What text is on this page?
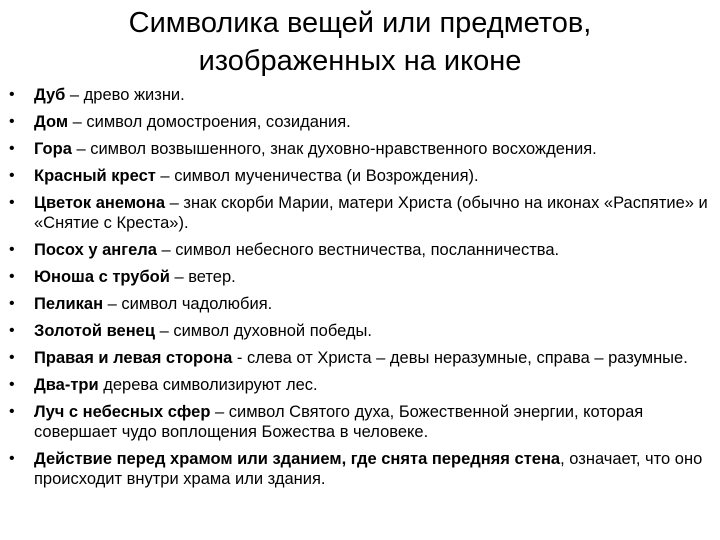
Символика вещей или предметов,
изображенных на иконе
• Дуб – древо жизни.
• Дом – символ домостроения, созидания.
• Гора – символ возвышенного, знак духовно-нравственного восхождения.
• Красный крест – символ мученичества (и Возрождения).
• Цветок анемона – знак скорби Марии, матери Христа (обычно на иконах «Распятие» и «Снятие с Креста»).
• Посох у ангела – символ небесного вестничества, посланничества.
• Юноша с трубой – ветер.
• Пеликан – символ чадолюбия.
• Золотой венец – символ духовной победы.
• Правая и левая сторона - слева от Христа – девы неразумные, справа – разумные.
• Два-три дерева символизируют лес.
• Луч с небесных сфер – символ Святого духа, Божественной энергии, которая совершает чудо воплощения Божества в человеке.
• Действие перед храмом или зданием, где снята передняя стена, означает, что оно происходит внутри храма или здания.
